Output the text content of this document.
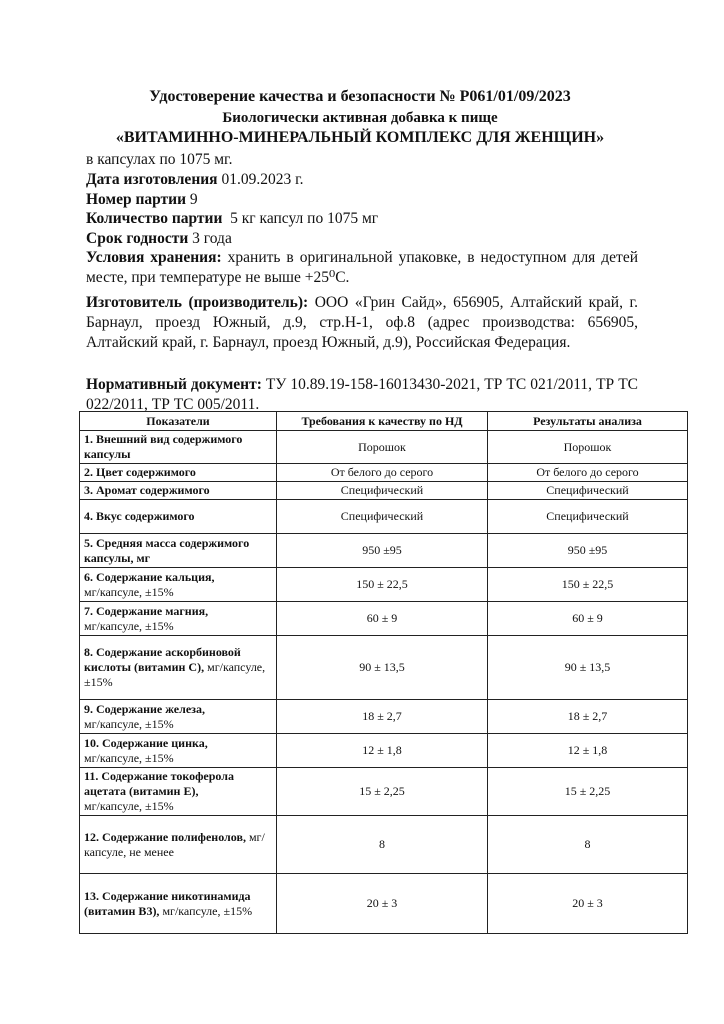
Удостоверение качества и безопасности № Р061/01/09/2023
Биологически активная добавка к пище
«ВИТАМИННО-МИНЕРАЛЬНЫЙ КОМПЛЕКС ДЛЯ ЖЕНЩИН»
в капсулах по 1075 мг.
Дата изготовления 01.09.2023 г.
Номер партии 9
Количество партии 5 кг капсул по 1075 мг
Срок годности 3 года
Условия хранения: хранить в оригинальной упаковке, в недоступном для детей месте, при температуре не выше +25⁰С.
Изготовитель (производитель): ООО «Грин Сайд», 656905, Алтайский край, г. Барнаул, проезд Южный, д.9, стр.Н-1, оф.8 (адрес производства: 656905, Алтайский край, г. Барнаул, проезд Южный, д.9), Российская Федерация.
Нормативный документ: ТУ 10.89.19-158-16013430-2021, ТР ТС 021/2011, ТР ТС 022/2011, ТР ТС 005/2011.
Показатели	Требования к качеству по НД	Результаты анализа
1. Внешний вид содержимого капсулы	Порошок	Порошок
2. Цвет содержимого	От белого до серого	От белого до серого
3. Аромат содержимого	Специфический	Специфический
4. Вкус содержимого	Специфический	Специфический
5. Средняя масса содержимого капсулы, мг	950 ±95	950 ±95
6. Содержание кальция,
мг/капсуле, ±15%	150 ± 22,5	150 ± 22,5
7. Содержание магния,
мг/капсуле, ±15%	60 ± 9	60 ± 9
8. Содержание аскорбиновой кислоты (витамин С), мг/капсуле, ±15%	90 ± 13,5	90 ± 13,5
9. Содержание железа,
мг/капсуле, ±15%	18 ± 2,7	18 ± 2,7
10. Содержание цинка,
мг/капсуле, ±15%	12 ± 1,8	12 ± 1,8
11. Содержание токоферола ацетата (витамин Е),
мг/капсуле, ±15%	15 ± 2,25	15 ± 2,25
12. Содержание полифенолов, мг/капсуле, не менее	8	8
13. Содержание никотинамида (витамин В3), мг/капсуле, ±15%	20 ± 3	20 ± 3
